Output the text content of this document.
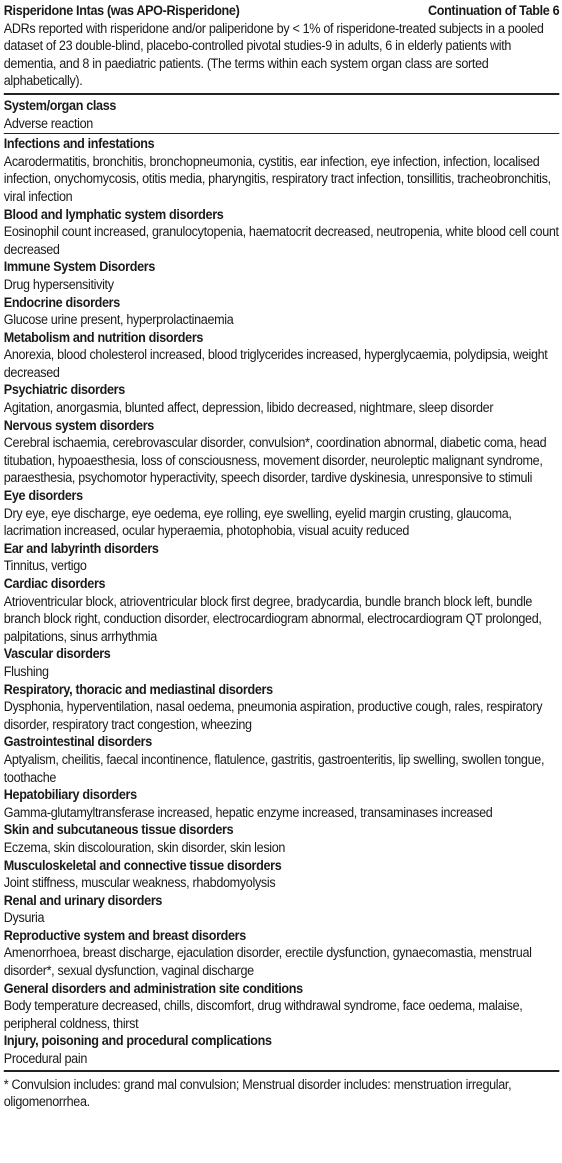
Risperidone Intas (was APO-Risperidone)	Continuation of Table 6

ADRs reported with risperidone and/or paliperidone by < 1% of risperidone-treated subjects in a pooled dataset of 23 double-blind, placebo-controlled pivotal studies-9 in adults, 6 in elderly patients with dementia, and 8 in paediatric patients. (The terms within each system organ class are sorted alphabetically).

System/organ class
Adverse reaction
Infections and infestations
Acarodermatitis, bronchitis, bronchopneumonia, cystitis, ear infection, eye infection, infection, localised infection, onychomycosis, otitis media, pharyngitis, respiratory tract infection, tonsillitis, tracheobronchitis, viral infection
Blood and lymphatic system disorders
Eosinophil count increased, granulocytopenia, haematocrit decreased, neutropenia, white blood cell count decreased
Immune System Disorders
Drug hypersensitivity
Endocrine disorders
Glucose urine present, hyperprolactinaemia
Metabolism and nutrition disorders
Anorexia, blood cholesterol increased, blood triglycerides increased, hyperglycaemia, polydipsia, weight decreased
Psychiatric disorders
Agitation, anorgasmia, blunted affect, depression, libido decreased, nightmare, sleep disorder
Nervous system disorders
Cerebral ischaemia, cerebrovascular disorder, convulsion*, coordination abnormal, diabetic coma, head titubation, hypoaesthesia, loss of consciousness, movement disorder, neuroleptic malignant syndrome, paraesthesia, psychomotor hyperactivity, speech disorder, tardive dyskinesia, unresponsive to stimuli
Eye disorders
Dry eye, eye discharge, eye oedema, eye rolling, eye swelling, eyelid margin crusting, glaucoma, lacrimation increased, ocular hyperaemia, photophobia, visual acuity reduced
Ear and labyrinth disorders
Tinnitus, vertigo
Cardiac disorders
Atrioventricular block, atrioventricular block first degree, bradycardia, bundle branch block left, bundle branch block right, conduction disorder, electrocardiogram abnormal, electrocardiogram QT prolonged, palpitations, sinus arrhythmia
Vascular disorders
Flushing
Respiratory, thoracic and mediastinal disorders
Dysphonia, hyperventilation, nasal oedema, pneumonia aspiration, productive cough, rales, respiratory disorder, respiratory tract congestion, wheezing
Gastrointestinal disorders
Aptyalism, cheilitis, faecal incontinence, flatulence, gastritis, gastroenteritis, lip swelling, swollen tongue, toothache
Hepatobiliary disorders
Gamma-glutamyltransferase increased, hepatic enzyme increased, transaminases increased
Skin and subcutaneous tissue disorders
Eczema, skin discolouration, skin disorder, skin lesion
Musculoskeletal and connective tissue disorders
Joint stiffness, muscular weakness, rhabdomyolysis
Renal and urinary disorders
Dysuria
Reproductive system and breast disorders
Amenorrhoea, breast discharge, ejaculation disorder, erectile dysfunction, gynaecomastia, menstrual disorder*, sexual dysfunction, vaginal discharge
General disorders and administration site conditions
Body temperature decreased, chills, discomfort, drug withdrawal syndrome, face oedema, malaise, peripheral coldness, thirst
Injury, poisoning and procedural complications
Procedural pain

* Convulsion includes: grand mal convulsion; Menstrual disorder includes: menstruation irregular, oligomenorrhea.
